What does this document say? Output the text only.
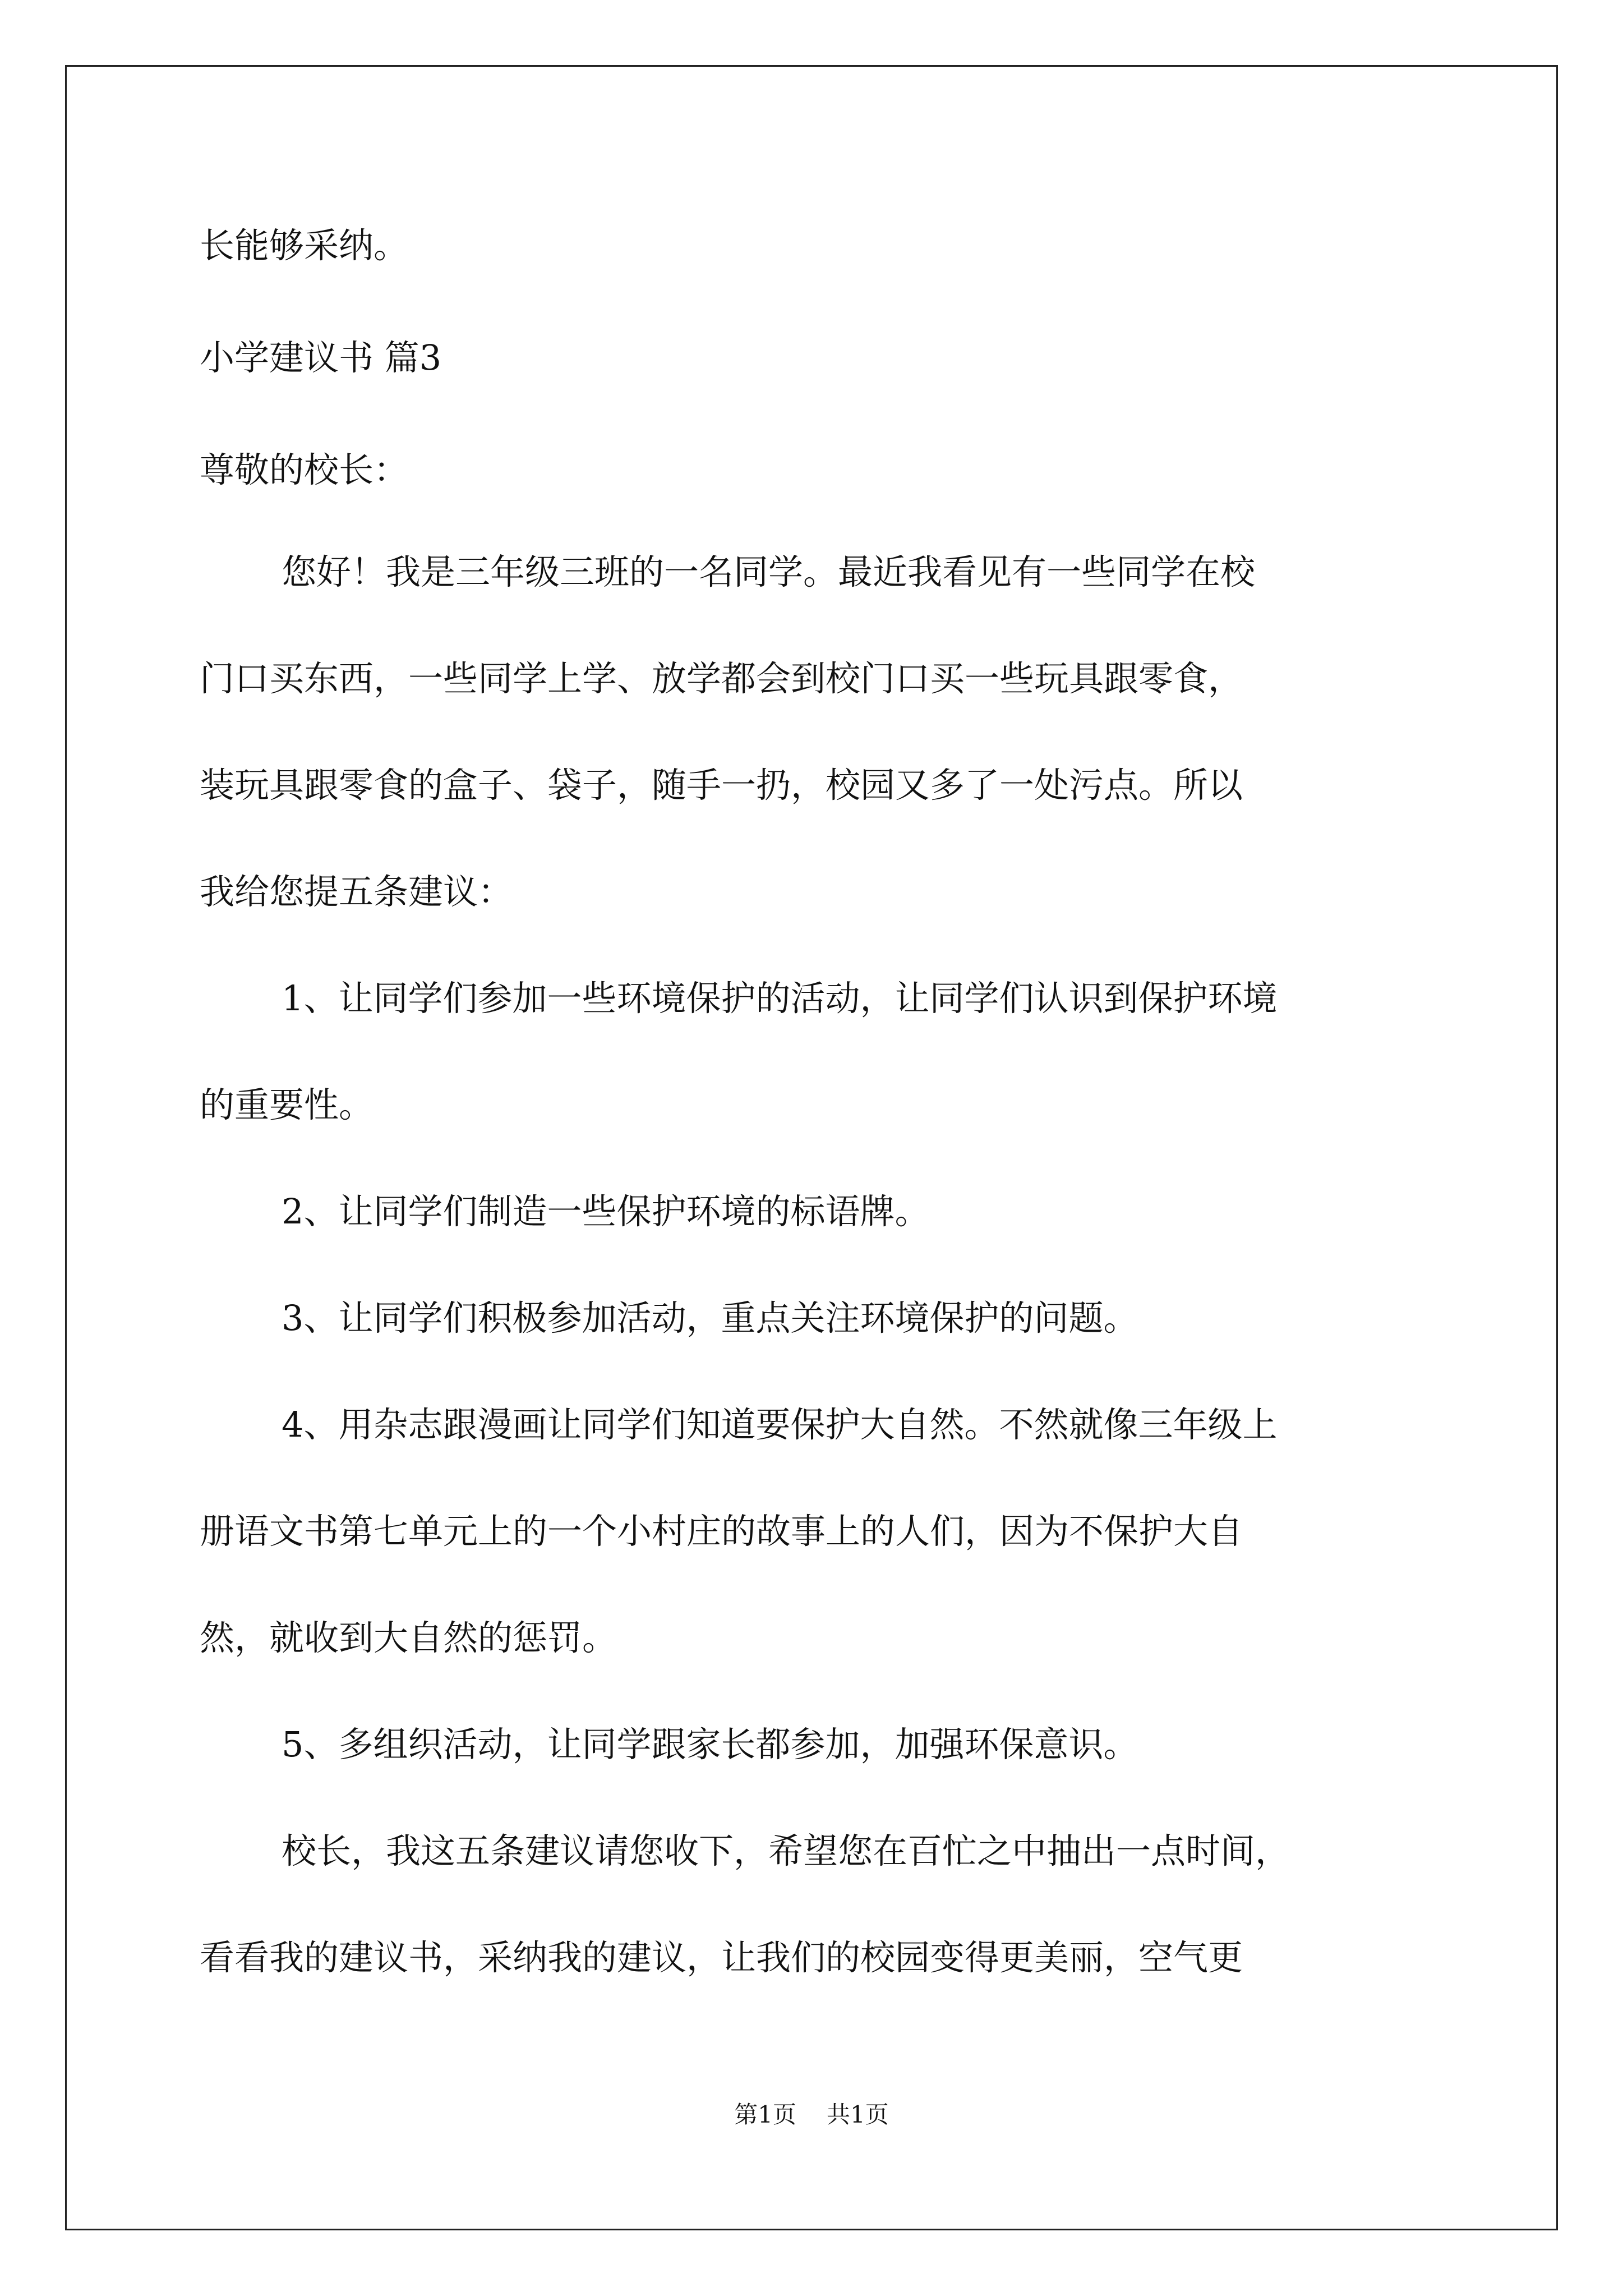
长能够采纳。

小学建议书 篇3

尊敬的校长：

您好！我是三年级三班的一名同学。最近我看见有一些同学在校

门口买东西，一些同学上学、放学都会到校门口买一些玩具跟零食，

装玩具跟零食的盒子、袋子，随手一扔，校园又多了一处污点。所以

我给您提五条建议：

1、让同学们参加一些环境保护的活动，让同学们认识到保护环境

的重要性。

2、让同学们制造一些保护环境的标语牌。

3、让同学们积极参加活动，重点关注环境保护的问题。

4、用杂志跟漫画让同学们知道要保护大自然。不然就像三年级上

册语文书第七单元上的一个小村庄的故事上的人们，因为不保护大自

然，就收到大自然的惩罚。

5、多组织活动，让同学跟家长都参加，加强环保意识。

校长，我这五条建议请您收下，希望您在百忙之中抽出一点时间，

看看我的建议书，采纳我的建议，让我们的校园变得更美丽，空气更

第1页 共1页
